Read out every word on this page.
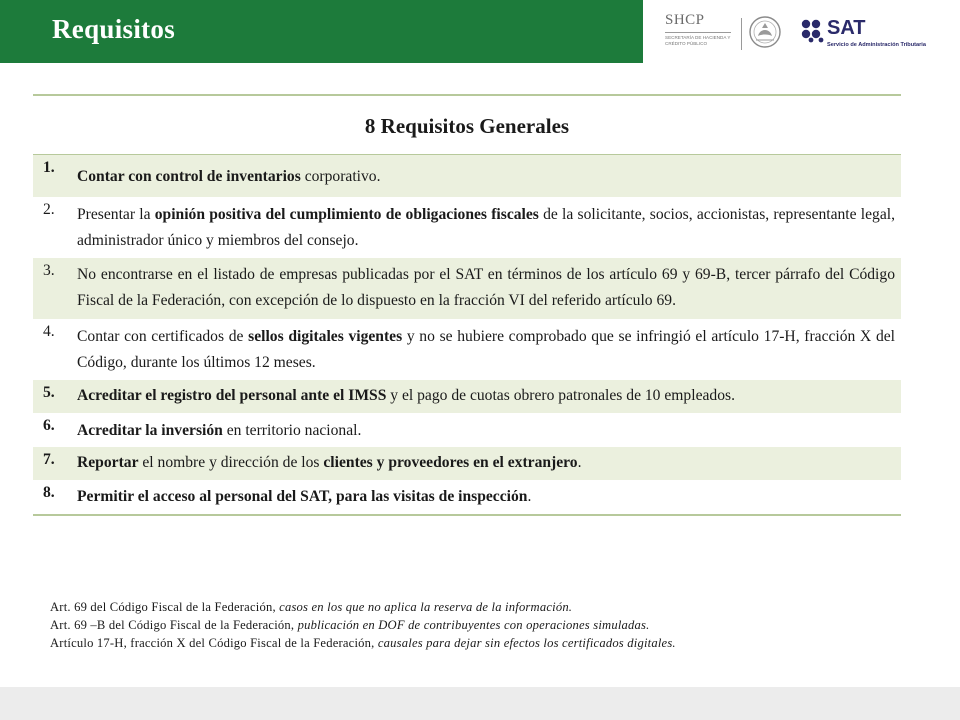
Requisitos	SHCP
SECRETARÍA DE HACIENDA Y CRÉDITO PÚBLICO
SAT
Servicio de Administración Tributaria
8 Requisitos Generales
1.
Contar con control de inventarios corporativo.
2. Presentar la opinión positiva del cumplimiento de obligaciones fiscales de la solicitante, socios, accionistas, representante legal, administrador único y miembros del consejo.
3. No encontrarse en el listado de empresas publicadas por el SAT en términos de los artículo 69 y 69-B, tercer párrafo del Código Fiscal de la Federación, con excepción de lo dispuesto en la fracción VI del referido artículo 69.
4. Contar con certificados de sellos digitales vigentes y no se hubiere comprobado que se infringió el artículo 17-H, fracción X del Código, durante los últimos 12 meses.
5. Acreditar el registro del personal ante el IMSS y el pago de cuotas obrero patronales de 10 empleados.
6. Acreditar la inversión en territorio nacional.
7. Reportar el nombre y dirección de los clientes y proveedores en el extranjero.
8. Permitir el acceso al personal del SAT, para las visitas de inspección.
Art. 69 del Código Fiscal de la Federación, casos en los que no aplica la reserva de la información.
Art. 69 –B del Código Fiscal de la Federación, publicación en DOF de contribuyentes con operaciones simuladas.
Artículo 17-H, fracción X del Código Fiscal de la Federación, causales para dejar sin efectos los certificados digitales.
